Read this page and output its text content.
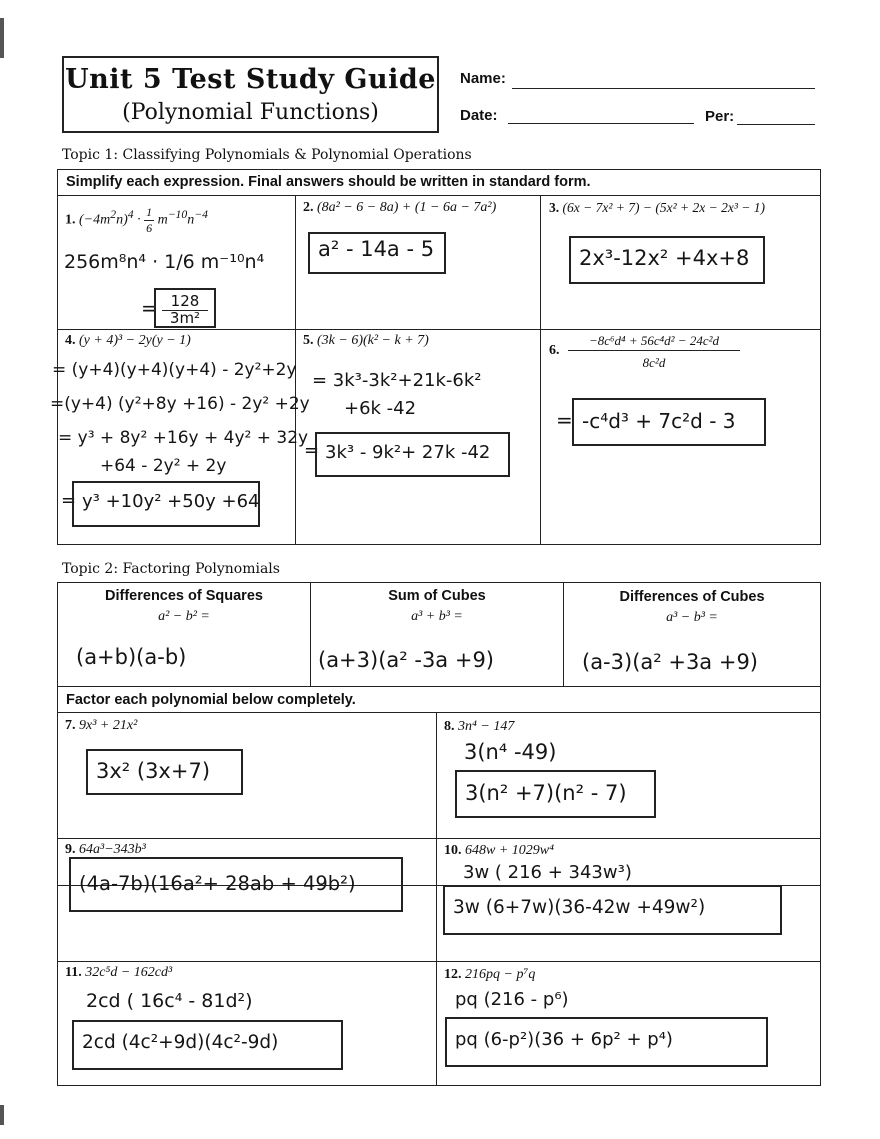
Unit 5 Test Study Guide
(Polynomial Functions)
Name:
Date:	Per:
Topic 1: Classifying Polynomials & Polynomial Operations
Simplify each expression. Final answers should be written in standard form.
1. $(-4m^2n)^4 \cdot \frac{1}{6} m^{-10}n^{-4}$
256m⁸n⁴ · 1/6 m⁻¹⁰n⁴
=
$\frac{128}{\text{3m²}}$
2. (8a² − 6 − 8a) + (1 − 6a − 7a²)
a² - 14a - 5
3. (6x − 7x² + 7) − (5x² + 2x − 2x³ − 1)
2x³-12x² +4x+8
4. (y + 4)³ − 2y(y − 1)
= (y+4)(y+4)(y+4) - 2y²+2y
=(y+4) (y²+8y +16) - 2y² +2y
= y³ + 8y² +16y + 4y² + 32y
+64 - 2y² + 2y
= y³ +10y² +50y +64
5. (3k − 6)(k² − k + 7)
= 3k³-3k²+21k-6k²
+6k -42
= 3k³ - 9k²+ 27k -42
6.
−8c⁶d⁴ + 56c⁴d² − 24c²d
8c²d
= -c⁴d³ + 7c²d - 3
Topic 2: Factoring Polynomials
Differences of Squares
a² − b² =
(a+b)(a-b)
Sum of Cubes
a³ + b³ =
(a+3)(a² -3a +9)
Differences of Cubes
a³ − b³ =
(a-3)(a² +3a +9)
Factor each polynomial below completely.
7. 9x³ + 21x²
3x² (3x+7)
8. 3n⁴ − 147
3(n⁴ -49)
3(n² +7)(n² - 7)
9. 64a³−343b³
(4a-7b)(16a²+ 28ab + 49b²)
10. 648w + 1029w⁴
3w ( 216 + 343w³)
3w (6+7w)(36-42w +49w²)
11. 32c⁵d − 162cd³
2cd ( 16c⁴ - 81d²)
2cd (4c²+9d)(4c²-9d)
12. 216pq − p⁷q
pq (216 - p⁶)
pq (6-p²)(36 + 6p² + p⁴)
